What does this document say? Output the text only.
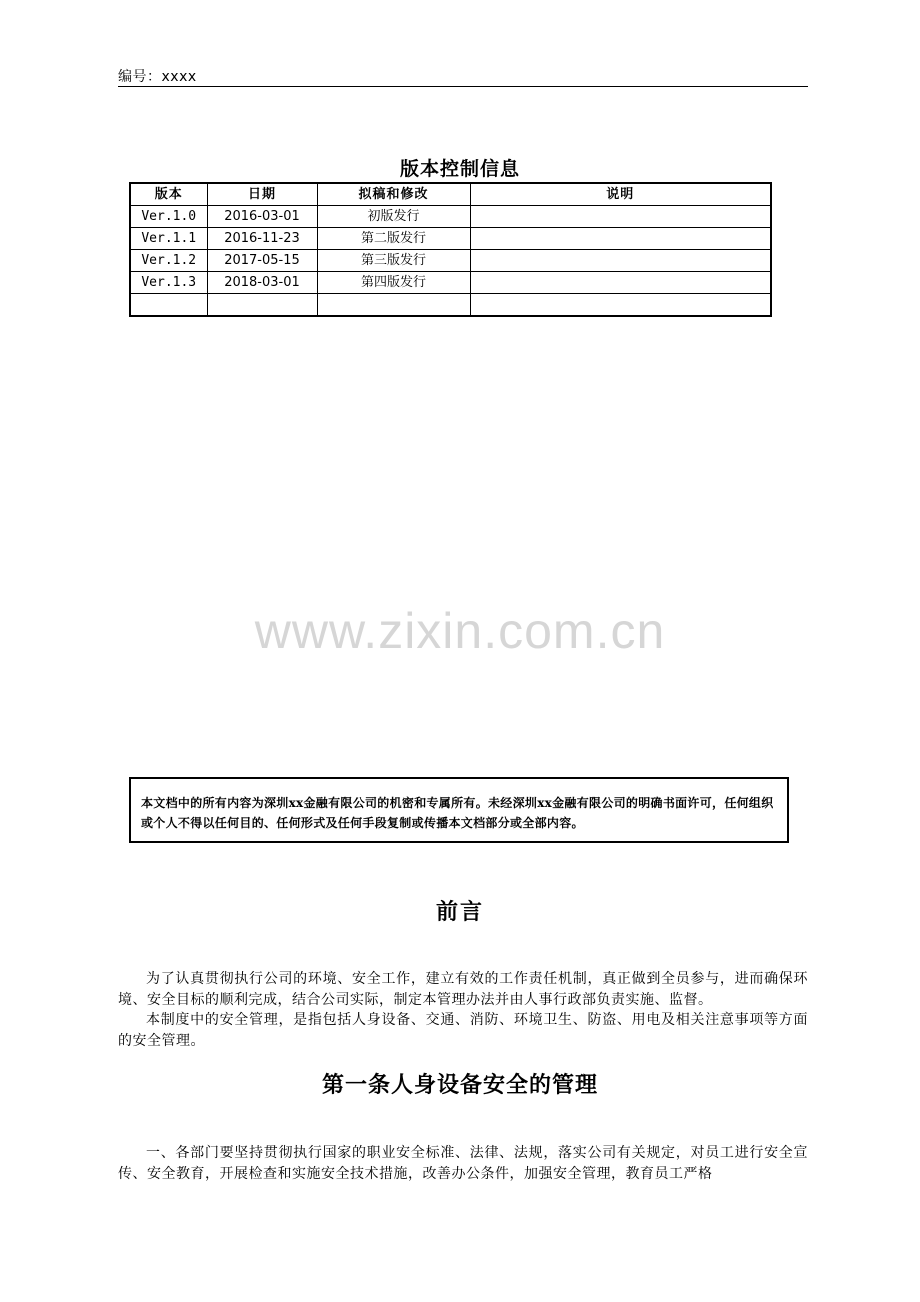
编号：xxxx
版本控制信息
版本	日期	拟稿和修改	说明
Ver.1.0	2016-03-01	初版发行	
Ver.1.1	2016-11-23	第二版发行	
Ver.1.2	2017-05-15	第三版发行	
Ver.1.3	2018-03-01	第四版发行	

www.zixin.com.cn
本文档中的所有内容为深圳xx金融有限公司的机密和专属所有。未经深圳xx金融有限公司的明确书面许可，任何组织或个人不得以任何目的、任何形式及任何手段复制或传播本文档部分或全部内容。
前言
为了认真贯彻执行公司的环境、安全工作，建立有效的工作责任机制，真正做到全员参与，进而确保环境、安全目标的顺利完成，结合公司实际，制定本管理办法并由人事行政部负责实施、监督。
本制度中的安全管理，是指包括人身设备、交通、消防、环境卫生、防盗、用电及相关注意事项等方面的安全管理。
第一条人身设备安全的管理
一、各部门要坚持贯彻执行国家的职业安全标准、法律、法规，落实公司有关规定，对员工进行安全宣传、安全教育，开展检查和实施安全技术措施，改善办公条件，加强安全管理，教育员工严格
